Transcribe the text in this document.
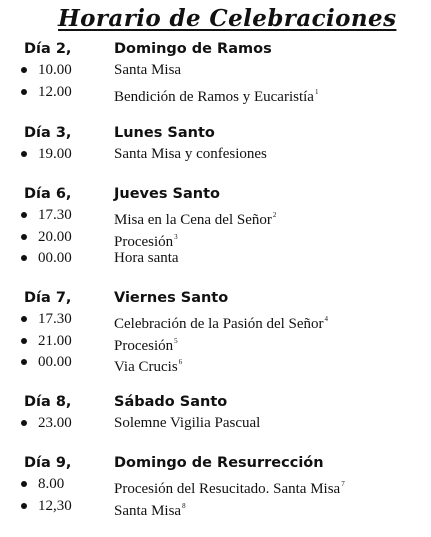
Horario de Celebraciones
Día 2,	Domingo de Ramos
10.00	Santa Misa
12.00	Bendición de Ramos y Eucaristía$^1$
Día 3,	Lunes Santo
19.00	Santa Misa y confesiones
Día 6,	Jueves Santo
17.30	Misa en la Cena del Señor$^2$
20.00	Procesión$^3$
00.00	Hora santa
Día 7,	Viernes Santo
17.30	Celebración de la Pasión del Señor$^4$
21.00	Procesión$^5$
00.00	Via Crucis$^6$
Día 8,	Sábado Santo
23.00	Solemne Vigilia Pascual
Día 9,	Domingo de Resurrección
8.00	Procesión del Resucitado. Santa Misa$^7$
12,30	Santa Misa$^8$
